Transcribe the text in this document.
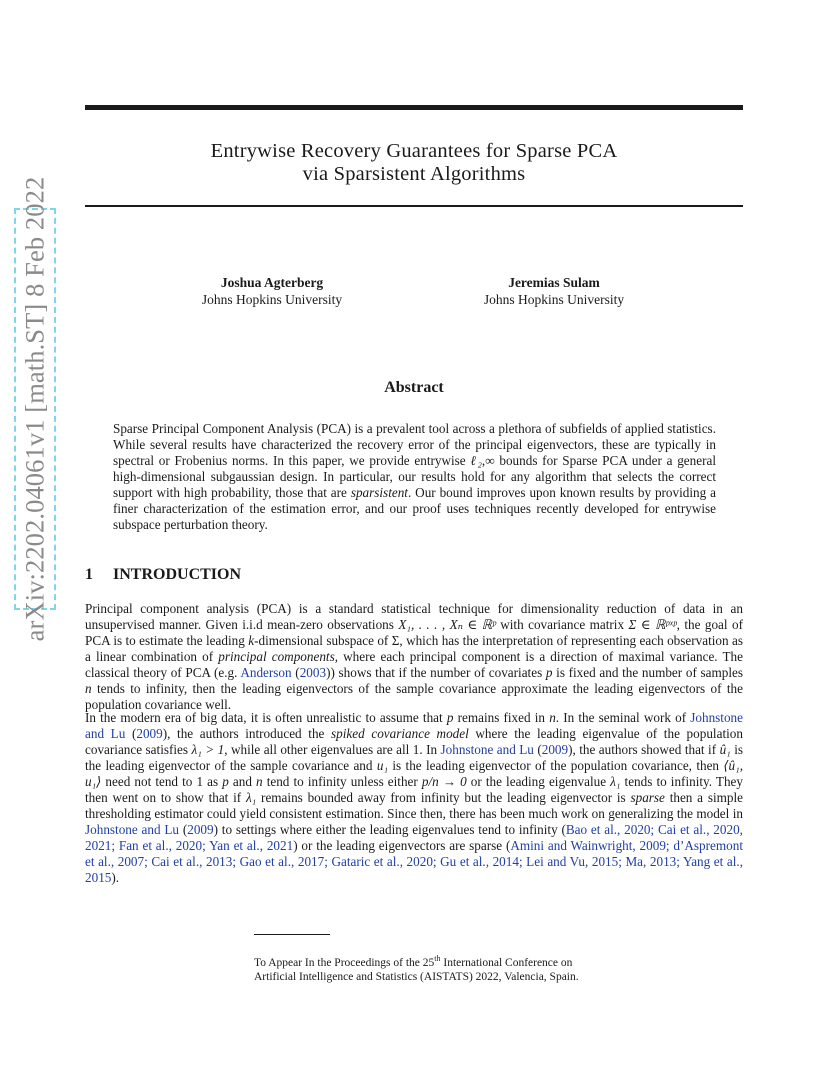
arXiv:2202.04061v1 [math.ST] 8 Feb 2022
Entrywise Recovery Guarantees for Sparse PCA
via Sparsistent Algorithms
Joshua Agterberg
Johns Hopkins University
Jeremias Sulam
Johns Hopkins University
Abstract
Sparse Principal Component Analysis (PCA) is a prevalent tool across a plethora of subfields of applied statistics. While several results have characterized the recovery error of the principal eigenvectors, these are typically in spectral or Frobenius norms. In this paper, we provide entrywise ℓ₂,∞ bounds for Sparse PCA under a general high-dimensional subgaussian design. In particular, our results hold for any algorithm that selects the correct support with high probability, those that are sparsistent. Our bound improves upon known results by providing a finer characterization of the estimation error, and our proof uses techniques recently developed for entrywise subspace perturbation theory.
1 INTRODUCTION

Principal component analysis (PCA) is a standard statistical technique for dimensionality reduction of data in an unsupervised manner. Given i.i.d mean-zero observations X₁, . . . , Xₙ ∈ ℝᵖ with covariance matrix Σ ∈ ℝᵖˣᵖ, the goal of PCA is to estimate the leading k-dimensional subspace of Σ, which has the interpretation of representing each observation as a linear combination of principal components, where each principal component is a direction of maximal variance. The classical theory of PCA (e.g. Anderson (2003)) shows that if the number of covariates p is fixed and the number of samples n tends to infinity, then the leading eigenvectors of the sample covariance approximate the leading eigenvectors of the population covariance well.

In the modern era of big data, it is often unrealistic to assume that p remains fixed in n. In the seminal work of Johnstone and Lu (2009), the authors introduced the spiked covariance model where the leading eigenvalue of the population covariance satisfies λ₁ > 1, while all other eigenvalues are all 1. In Johnstone and Lu (2009), the authors showed that if û₁ is the leading eigenvector of the sample covariance and u₁ is the leading eigenvector of the population covariance, then ⟨û₁, u₁⟩ need not tend to 1 as p and n tend to infinity unless either p/n → 0 or the leading eigenvalue λ₁ tends to infinity. They then went on to show that if λ₁ remains bounded away from infinity but the leading eigenvector is sparse then a simple thresholding estimator could yield consistent estimation. Since then, there has been much work on generalizing the model in Johnstone and Lu (2009) to settings where either the leading eigenvalues tend to infinity (Bao et al., 2020; Cai et al., 2020, 2021; Fan et al., 2020; Yan et al., 2021) or the leading eigenvectors are sparse (Amini and Wainwright, 2009; d’Aspremont et al., 2007; Cai et al., 2013; Gao et al., 2017; Gataric et al., 2020; Gu et al., 2014; Lei and Vu, 2015; Ma, 2013; Yang et al., 2015).

To Appear In the Proceedings of the 25th International Conference on Artificial Intelligence and Statistics (AISTATS) 2022, Valencia, Spain.
